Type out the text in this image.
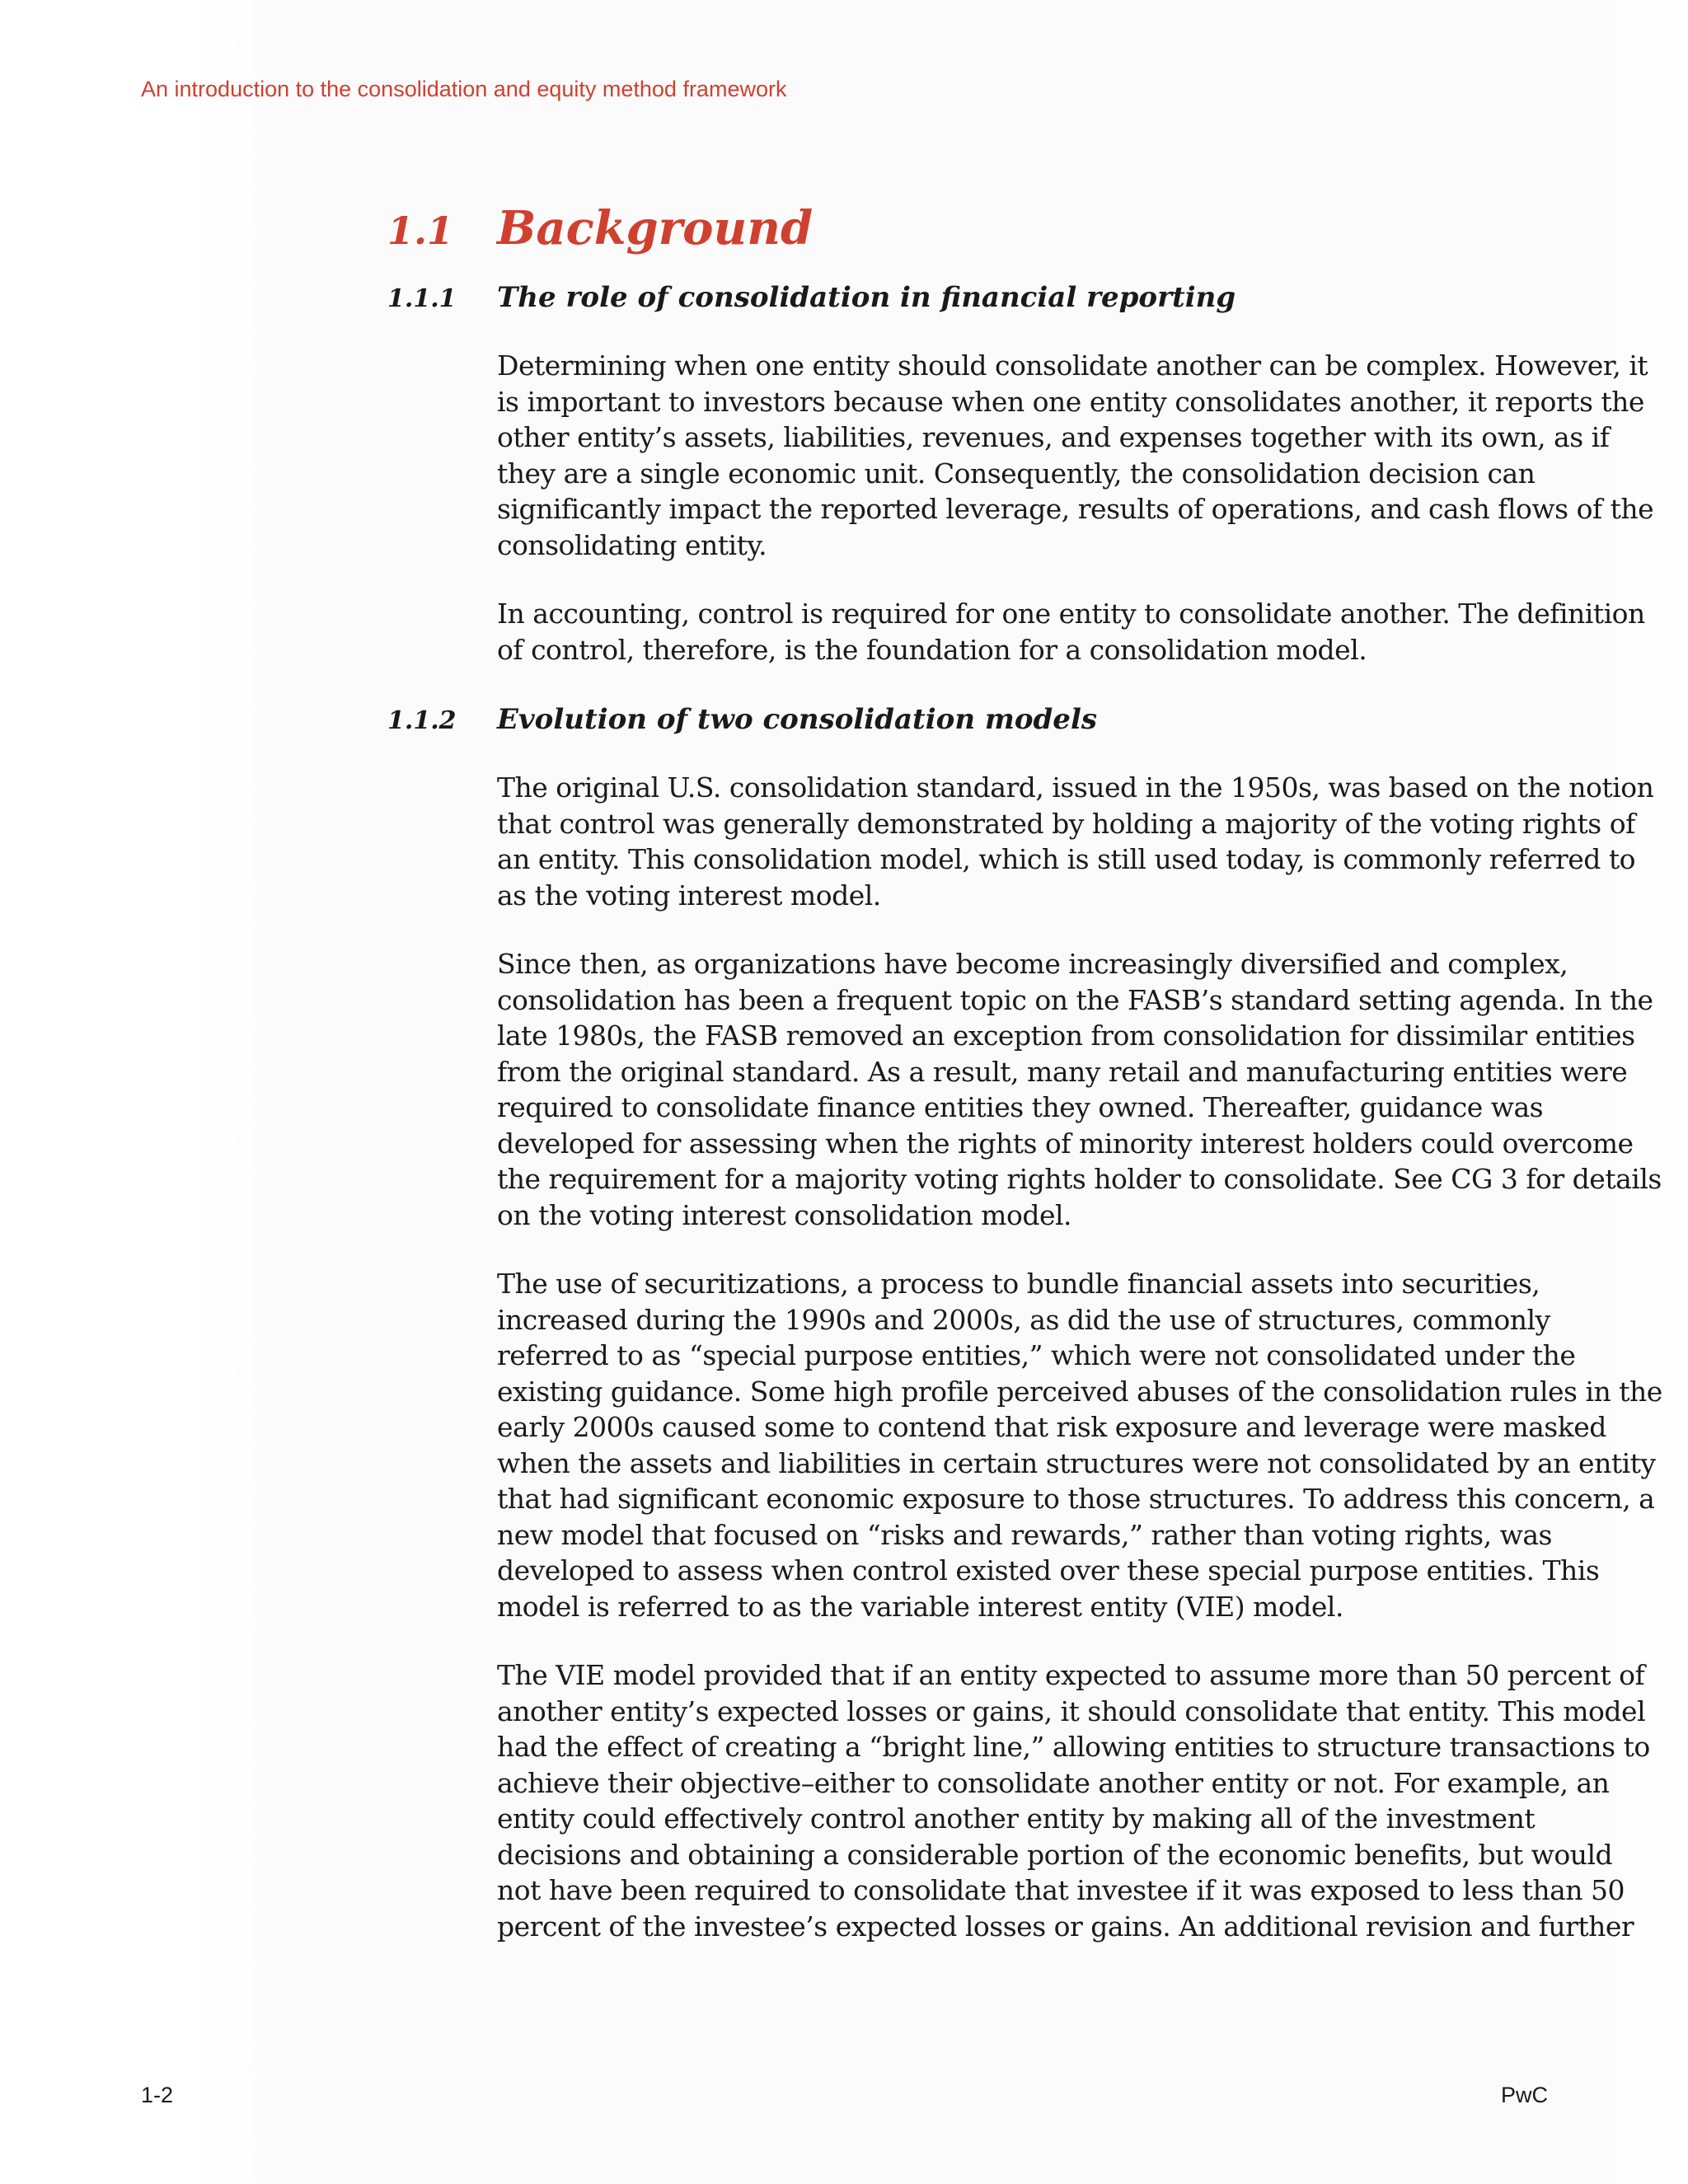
An introduction to the consolidation and equity method framework
1.1 Background
1.1.1	The role of consolidation in financial reporting

Determining when one entity should consolidate another can be complex. However, it
is important to investors because when one entity consolidates another, it reports the
other entity’s assets, liabilities, revenues, and expenses together with its own, as if
they are a single economic unit. Consequently, the consolidation decision can
significantly impact the reported leverage, results of operations, and cash flows of the
consolidating entity.

In accounting, control is required for one entity to consolidate another. The definition
of control, therefore, is the foundation for a consolidation model.

1.1.2	Evolution of two consolidation models

The original U.S. consolidation standard, issued in the 1950s, was based on the notion
that control was generally demonstrated by holding a majority of the voting rights of
an entity. This consolidation model, which is still used today, is commonly referred to
as the voting interest model.

Since then, as organizations have become increasingly diversified and complex,
consolidation has been a frequent topic on the FASB’s standard setting agenda. In the
late 1980s, the FASB removed an exception from consolidation for dissimilar entities
from the original standard. As a result, many retail and manufacturing entities were
required to consolidate finance entities they owned. Thereafter, guidance was
developed for assessing when the rights of minority interest holders could overcome
the requirement for a majority voting rights holder to consolidate. See CG 3 for details
on the voting interest consolidation model.

The use of securitizations, a process to bundle financial assets into securities,
increased during the 1990s and 2000s, as did the use of structures, commonly
referred to as “special purpose entities,” which were not consolidated under the
existing guidance. Some high profile perceived abuses of the consolidation rules in the
early 2000s caused some to contend that risk exposure and leverage were masked
when the assets and liabilities in certain structures were not consolidated by an entity
that had significant economic exposure to those structures. To address this concern, a
new model that focused on “risks and rewards,” rather than voting rights, was
developed to assess when control existed over these special purpose entities. This
model is referred to as the variable interest entity (VIE) model.

The VIE model provided that if an entity expected to assume more than 50 percent of
another entity’s expected losses or gains, it should consolidate that entity. This model
had the effect of creating a “bright line,” allowing entities to structure transactions to
achieve their objective–either to consolidate another entity or not. For example, an
entity could effectively control another entity by making all of the investment
decisions and obtaining a considerable portion of the economic benefits, but would
not have been required to consolidate that investee if it was exposed to less than 50
percent of the investee’s expected losses or gains. An additional revision and further

1-2	PwC
